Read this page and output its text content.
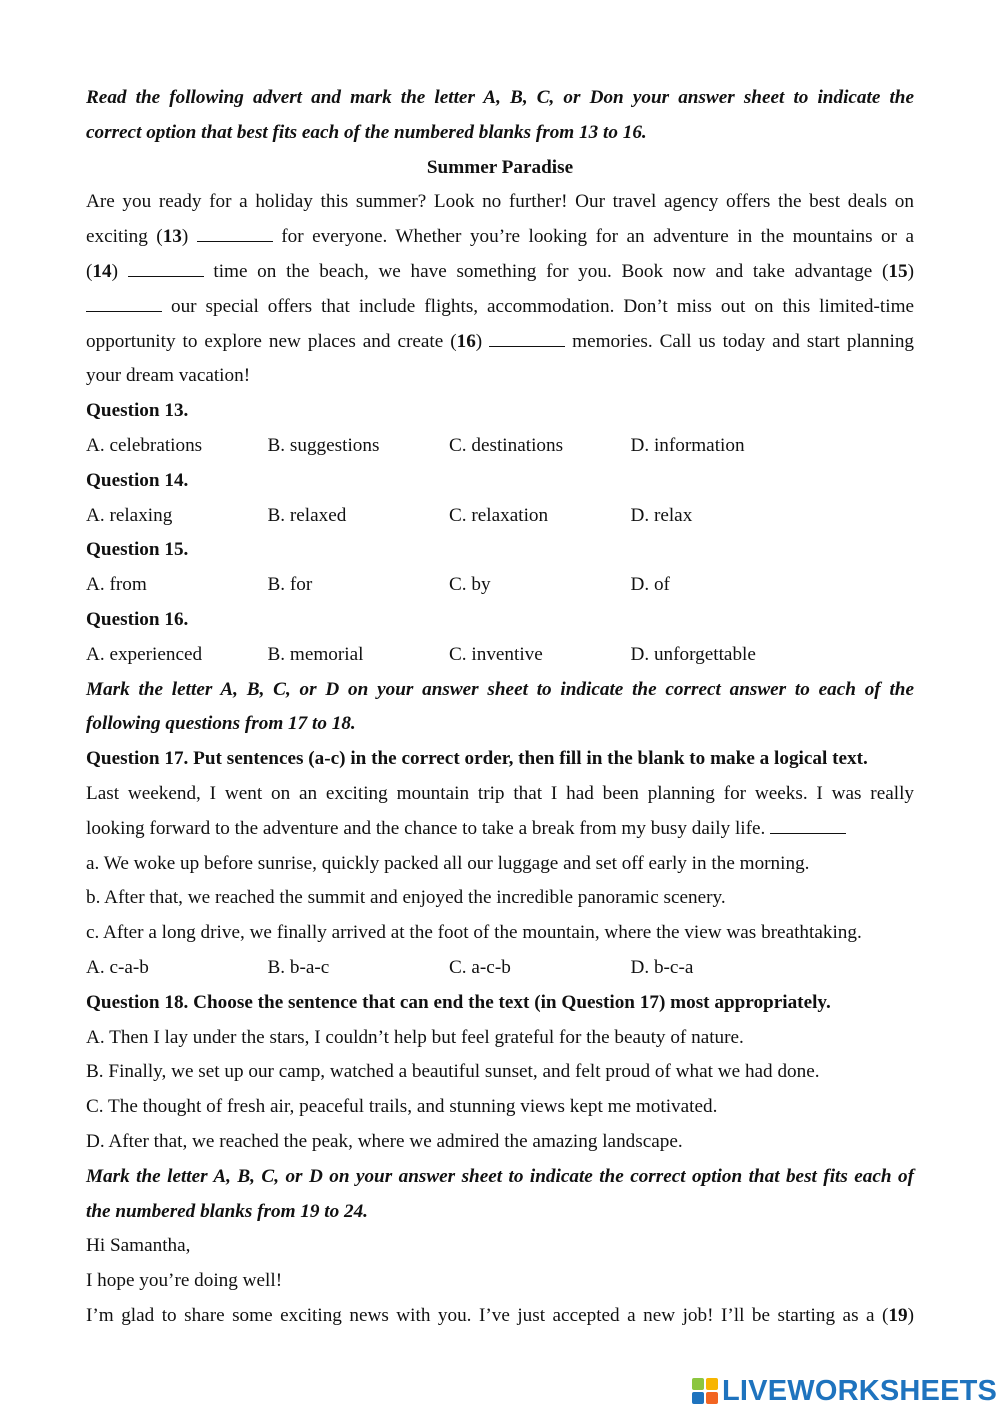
Read the following advert and mark the letter A, B, C, or Don your answer sheet to indicate the
correct option that best fits each of the numbered blanks from 13 to 16.
Summer Paradise
Are you ready for a holiday this summer? Look no further! Our travel agency offers the best deals on
exciting (13)	for everyone. Whether you’re looking for an adventure in the mountains or a
(14)	time on the beach, we have something for you. Book now and take advantage (15)
our special offers that include flights, accommodation. Don’t miss out on this limited-time
opportunity to explore new places and create (16)	memories. Call us today and start planning
your dream vacation!
Question 13.
A. celebrations	B. suggestions	C. destinations	D. information
Question 14.
A. relaxing	B. relaxed	C. relaxation	D. relax
Question 15.
A. from	B. for	C. by	D. of
Question 16.
A. experienced	B. memorial	C. inventive	D. unforgettable
Mark the letter A, B, C, or D on your answer sheet to indicate the correct answer to each of the
following questions from 17 to 18.
Question 17. Put sentences (a-c) in the correct order, then fill in the blank to make a logical text.
Last weekend, I went on an exciting mountain trip that I had been planning for weeks. I was really
looking forward to the adventure and the chance to take a break from my busy daily life.
a. We woke up before sunrise, quickly packed all our luggage and set off early in the morning.
b. After that, we reached the summit and enjoyed the incredible panoramic scenery.
c. After a long drive, we finally arrived at the foot of the mountain, where the view was breathtaking.
A. c-a-b	B. b-a-c	C. a-c-b	D. b-c-a
Question 18. Choose the sentence that can end the text (in Question 17) most appropriately.
A. Then I lay under the stars, I couldn’t help but feel grateful for the beauty of nature.
B. Finally, we set up our camp, watched a beautiful sunset, and felt proud of what we had done.
C. The thought of fresh air, peaceful trails, and stunning views kept me motivated.
D. After that, we reached the peak, where we admired the amazing landscape.
Mark the letter A, B, C, or D on your answer sheet to indicate the correct option that best fits each of
the numbered blanks from 19 to 24.
Hi Samantha,
I hope you’re doing well!
I’m glad to share some exciting news with you. I’ve just accepted a new job! I’ll be starting as a (19)
LIVEWORKSHEETS
